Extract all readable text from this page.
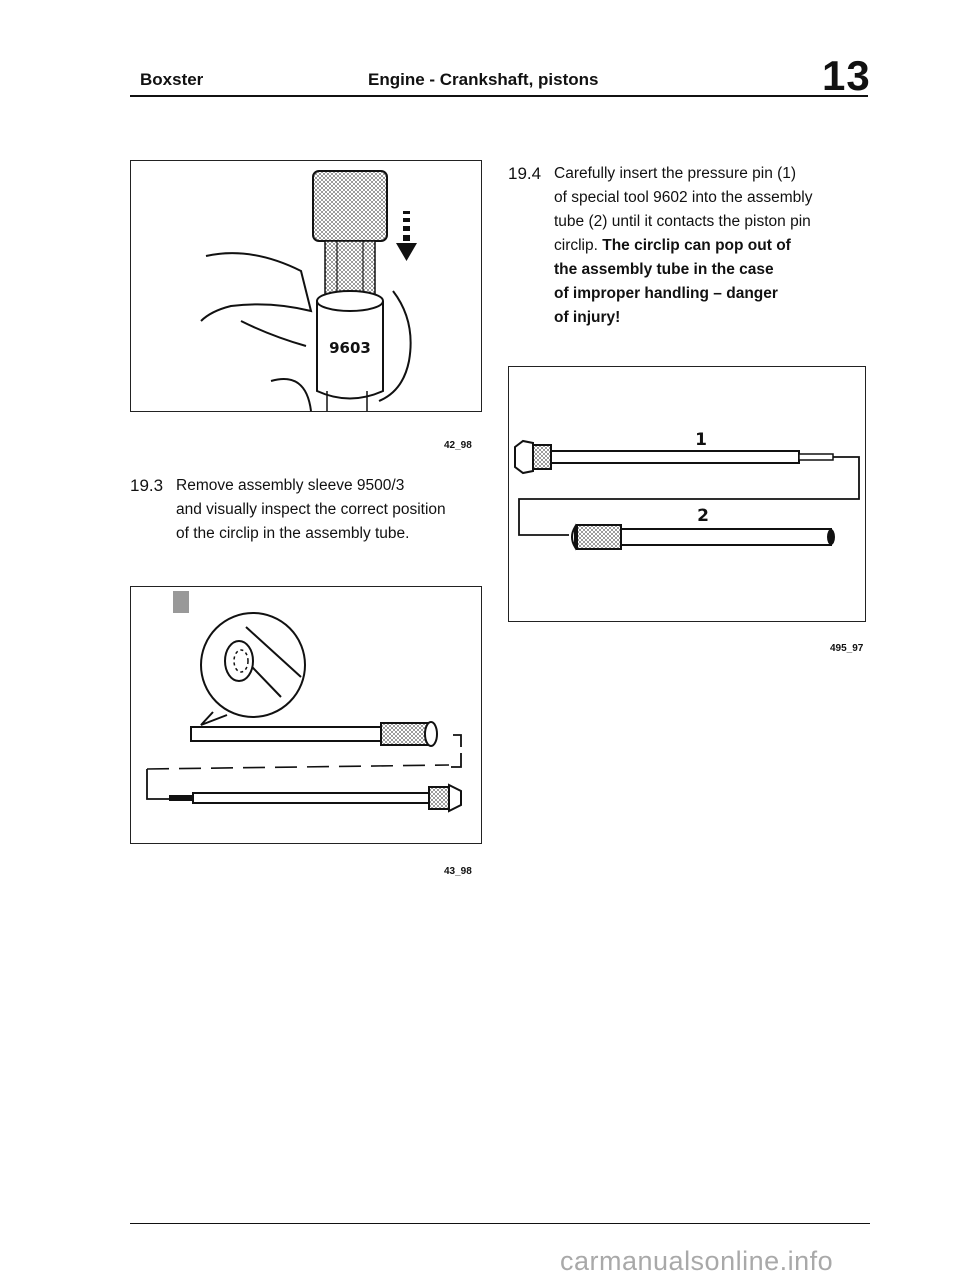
Boxster	Engine - Crankshaft, pistons	13
9603
42_98
19.3 Remove assembly sleeve 9500/3
and visually inspect the correct position
of the circlip in the assembly tube.
43_98
19.4 Carefully insert the pressure pin (1)
of special tool 9602 into the assembly
tube (2) until it contacts the piston pin
circlip. The circlip can pop out of
the assembly tube in the case
of improper handling – danger
of injury!
1
2
495_97
carmanualsonline.info
